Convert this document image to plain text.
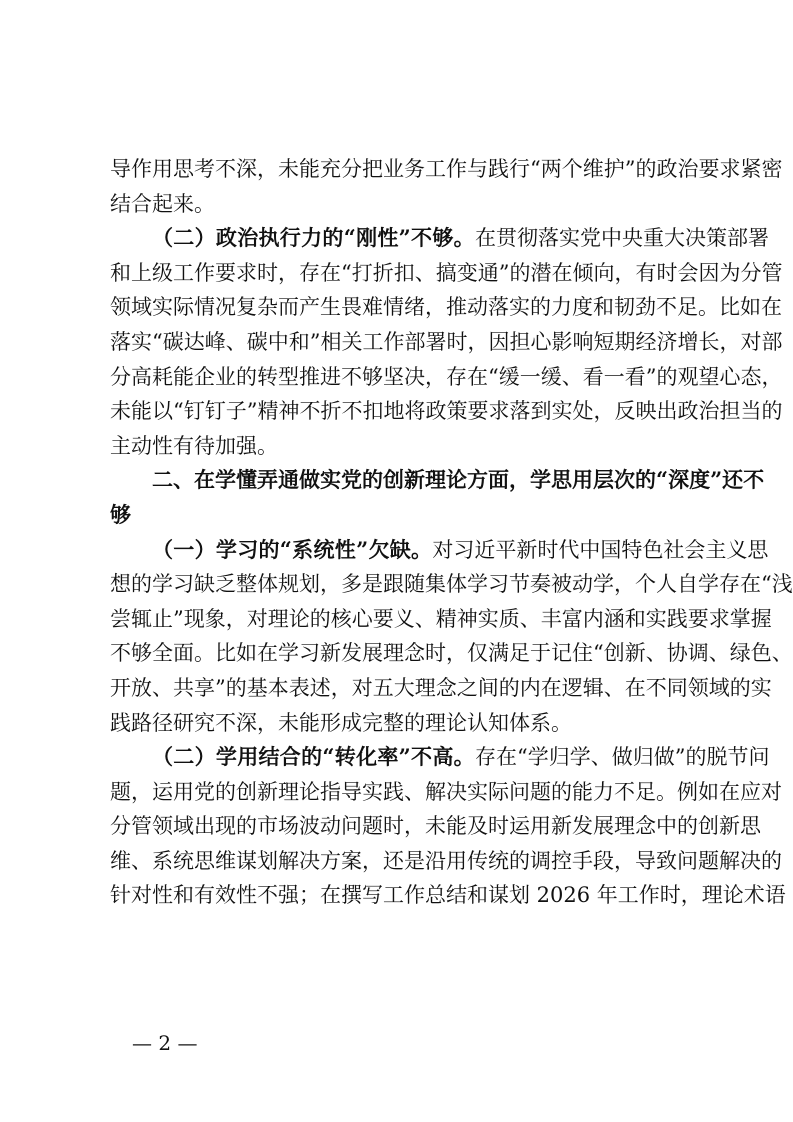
导作用思考不深，未能充分把业务工作与践行“两个维护”的政治要求紧密
结合起来。
（二）政治执行力的“刚性”不够。在贯彻落实党中央重大决策部署
和上级工作要求时，存在“打折扣、搞变通”的潜在倾向，有时会因为分管
领域实际情况复杂而产生畏难情绪，推动落实的力度和韧劲不足。比如在
落实“碳达峰、碳中和”相关工作部署时，因担心影响短期经济增长，对部
分高耗能企业的转型推进不够坚决，存在“缓一缓、看一看”的观望心态，
未能以“钉钉子”精神不折不扣地将政策要求落到实处，反映出政治担当的
主动性有待加强。
二、在学懂弄通做实党的创新理论方面，学思用层次的“深度”还不
够
（一）学习的“系统性”欠缺。对习近平新时代中国特色社会主义思
想的学习缺乏整体规划，多是跟随集体学习节奏被动学，个人自学存在“浅
尝辄止”现象，对理论的核心要义、精神实质、丰富内涵和实践要求掌握
不够全面。比如在学习新发展理念时，仅满足于记住“创新、协调、绿色、
开放、共享”的基本表述，对五大理念之间的内在逻辑、在不同领域的实
践路径研究不深，未能形成完整的理论认知体系。
（二）学用结合的“转化率”不高。存在“学归学、做归做”的脱节问
题，运用党的创新理论指导实践、解决实际问题的能力不足。例如在应对
分管领域出现的市场波动问题时，未能及时运用新发展理念中的创新思
维、系统思维谋划解决方案，还是沿用传统的调控手段，导致问题解决的
针对性和有效性不强；在撰写工作总结和谋划 2026 年工作时，理论术语
— 2 —
